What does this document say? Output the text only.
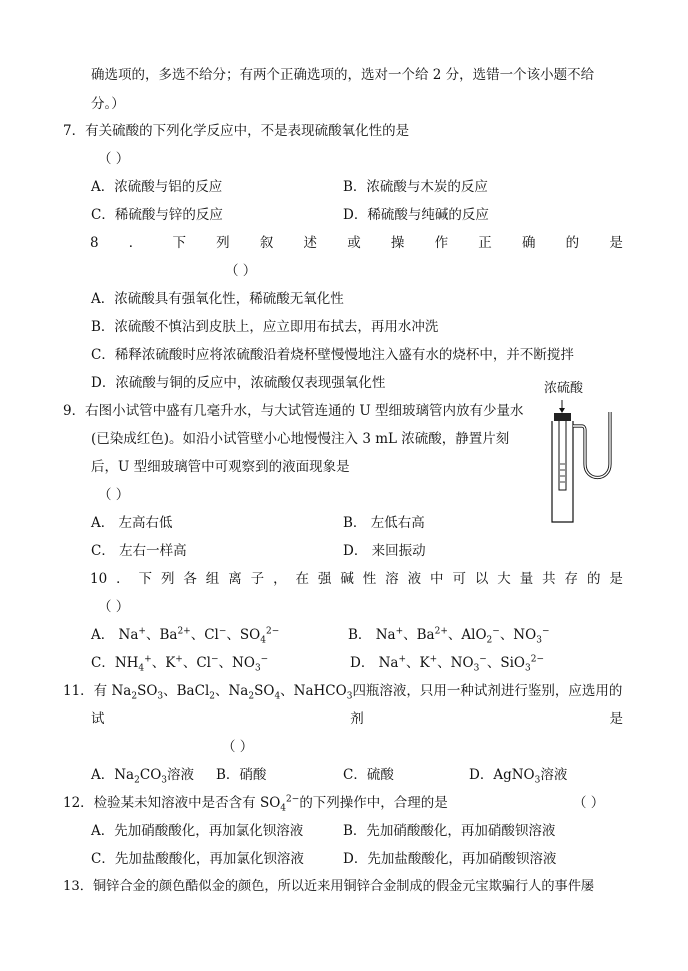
确选项的，多选不给分；有两个正确选项的，选对一个给 2 分，选错一个该小题不给
分。）
7．有关硫酸的下列化学反应中，不是表现硫酸氧化性的是
（ ）
A．浓硫酸与铝的反应	B．浓硫酸与木炭的反应
C．稀硫酸与锌的反应	D．稀硫酸与纯碱的反应
8 ． 下 列 叙 述 或 操 作 正 确 的 是
（ ）
A．浓硫酸具有强氧化性，稀硫酸无氧化性
B．浓硫酸不慎沾到皮肤上，应立即用布拭去，再用水冲洗
C．稀释浓硫酸时应将浓硫酸沿着烧杯壁慢慢地注入盛有水的烧杯中，并不断搅拌
D．浓硫酸与铜的反应中，浓硫酸仅表现强氧化性
9．右图小试管中盛有几毫升水，与大试管连通的 U 型细玻璃管内放有少量水
(已染成红色)。如沿小试管壁小心地慢慢注入 3 mL 浓硫酸，静置片刻
后，U 型细玻璃管中可观察到的液面现象是
（ ）
A． 左高右低	B． 左低右高
C． 左右一样高	D． 来回振动
浓硫酸
10 ． 下 列 各 组 离 子 ， 在 强 碱 性 溶 液 中 可 以 大 量 共 存 的 是
（ ）
A． Na+、$Ba^{2+}$、Cl−、$SO_4^{2-}$	B． Na+、$Ba^{2+}$、AlO$_2$−、$NO_3^-$
C．$NH_4^+$、K+、Cl−、$NO_3^-$	D． Na+、K+、$NO_3^-$、SiO$_3^{2-}$
11．有 $Na_2SO_3$、BaCl$_2$、$Na_2SO_4$、NaHCO$_3$四瓶溶液，只用一种试剂进行鉴别，应选用的
试	剂	是
（ ）
A．$Na_2CO_3$溶液 B．硝酸	C．硫酸	D．AgNO$_3$溶液
12．检验某未知溶液中是否含有 $SO_4^{2-}$的下列操作中，合理的是	（ ）
A．先加硝酸酸化，再加氯化钡溶液	B．先加硝酸酸化，再加硝酸钡溶液
C．先加盐酸酸化，再加氯化钡溶液	D．先加盐酸酸化，再加硝酸钡溶液
13．铜锌合金的颜色酷似金的颜色，所以近来用铜锌合金制成的假金元宝欺骗行人的事件屡
